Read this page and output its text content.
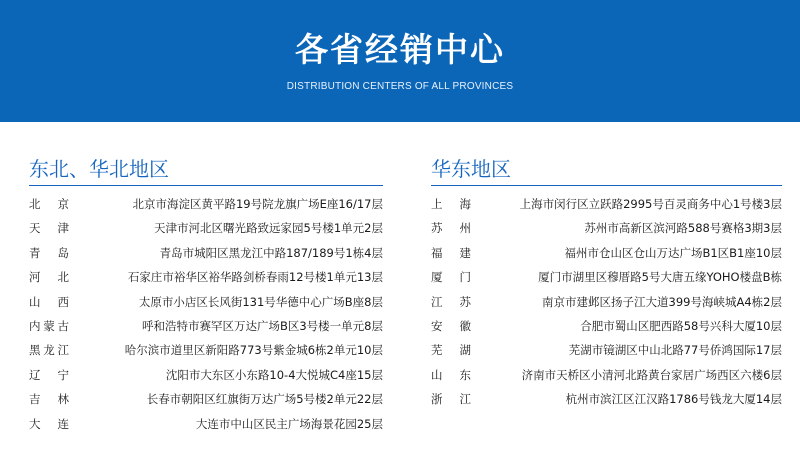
各省经销中心
DISTRIBUTION CENTERS OF ALL PROVINCES
东北、华北地区
北京	北京市海淀区黄平路19号院龙旗广场E座16/17层
天津	天津市河北区曙光路致远家园5号楼1单元2层
青岛	青岛市城阳区黑龙江中路187/189号1栋4层
河北	石家庄市裕华区裕华路剑桥春雨12号楼1单元13层
山西	太原市小店区长风街131号华德中心广场B座8层
内蒙古	呼和浩特市赛罕区万达广场B区3号楼一单元8层
黑龙江	哈尔滨市道里区新阳路773号紫金城6栋2单元10层
辽宁	沈阳市大东区小东路10-4大悦城C4座15层
吉林	长春市朝阳区红旗街万达广场5号楼2单元22层
大连	大连市中山区民主广场海景花园25层
华东地区
上海	上海市闵行区立跃路2995号百灵商务中心1号楼3层
苏州	苏州市高新区滨河路588号赛格3期3层
福建	福州市仓山区仓山万达广场B1区B1座10层
厦门	厦门市湖里区穆厝路5号大唐五缘YOHO楼盘B栋
江苏	南京市建邺区扬子江大道399号海峡城A4栋2层
安徽	合肥市蜀山区肥西路58号兴科大厦10层
芜湖	芜湖市镜湖区中山北路77号侨鸿国际17层
山东	济南市天桥区小清河北路黄台家居广场西区六楼6层
浙江	杭州市滨江区江汉路1786号钱龙大厦14层
